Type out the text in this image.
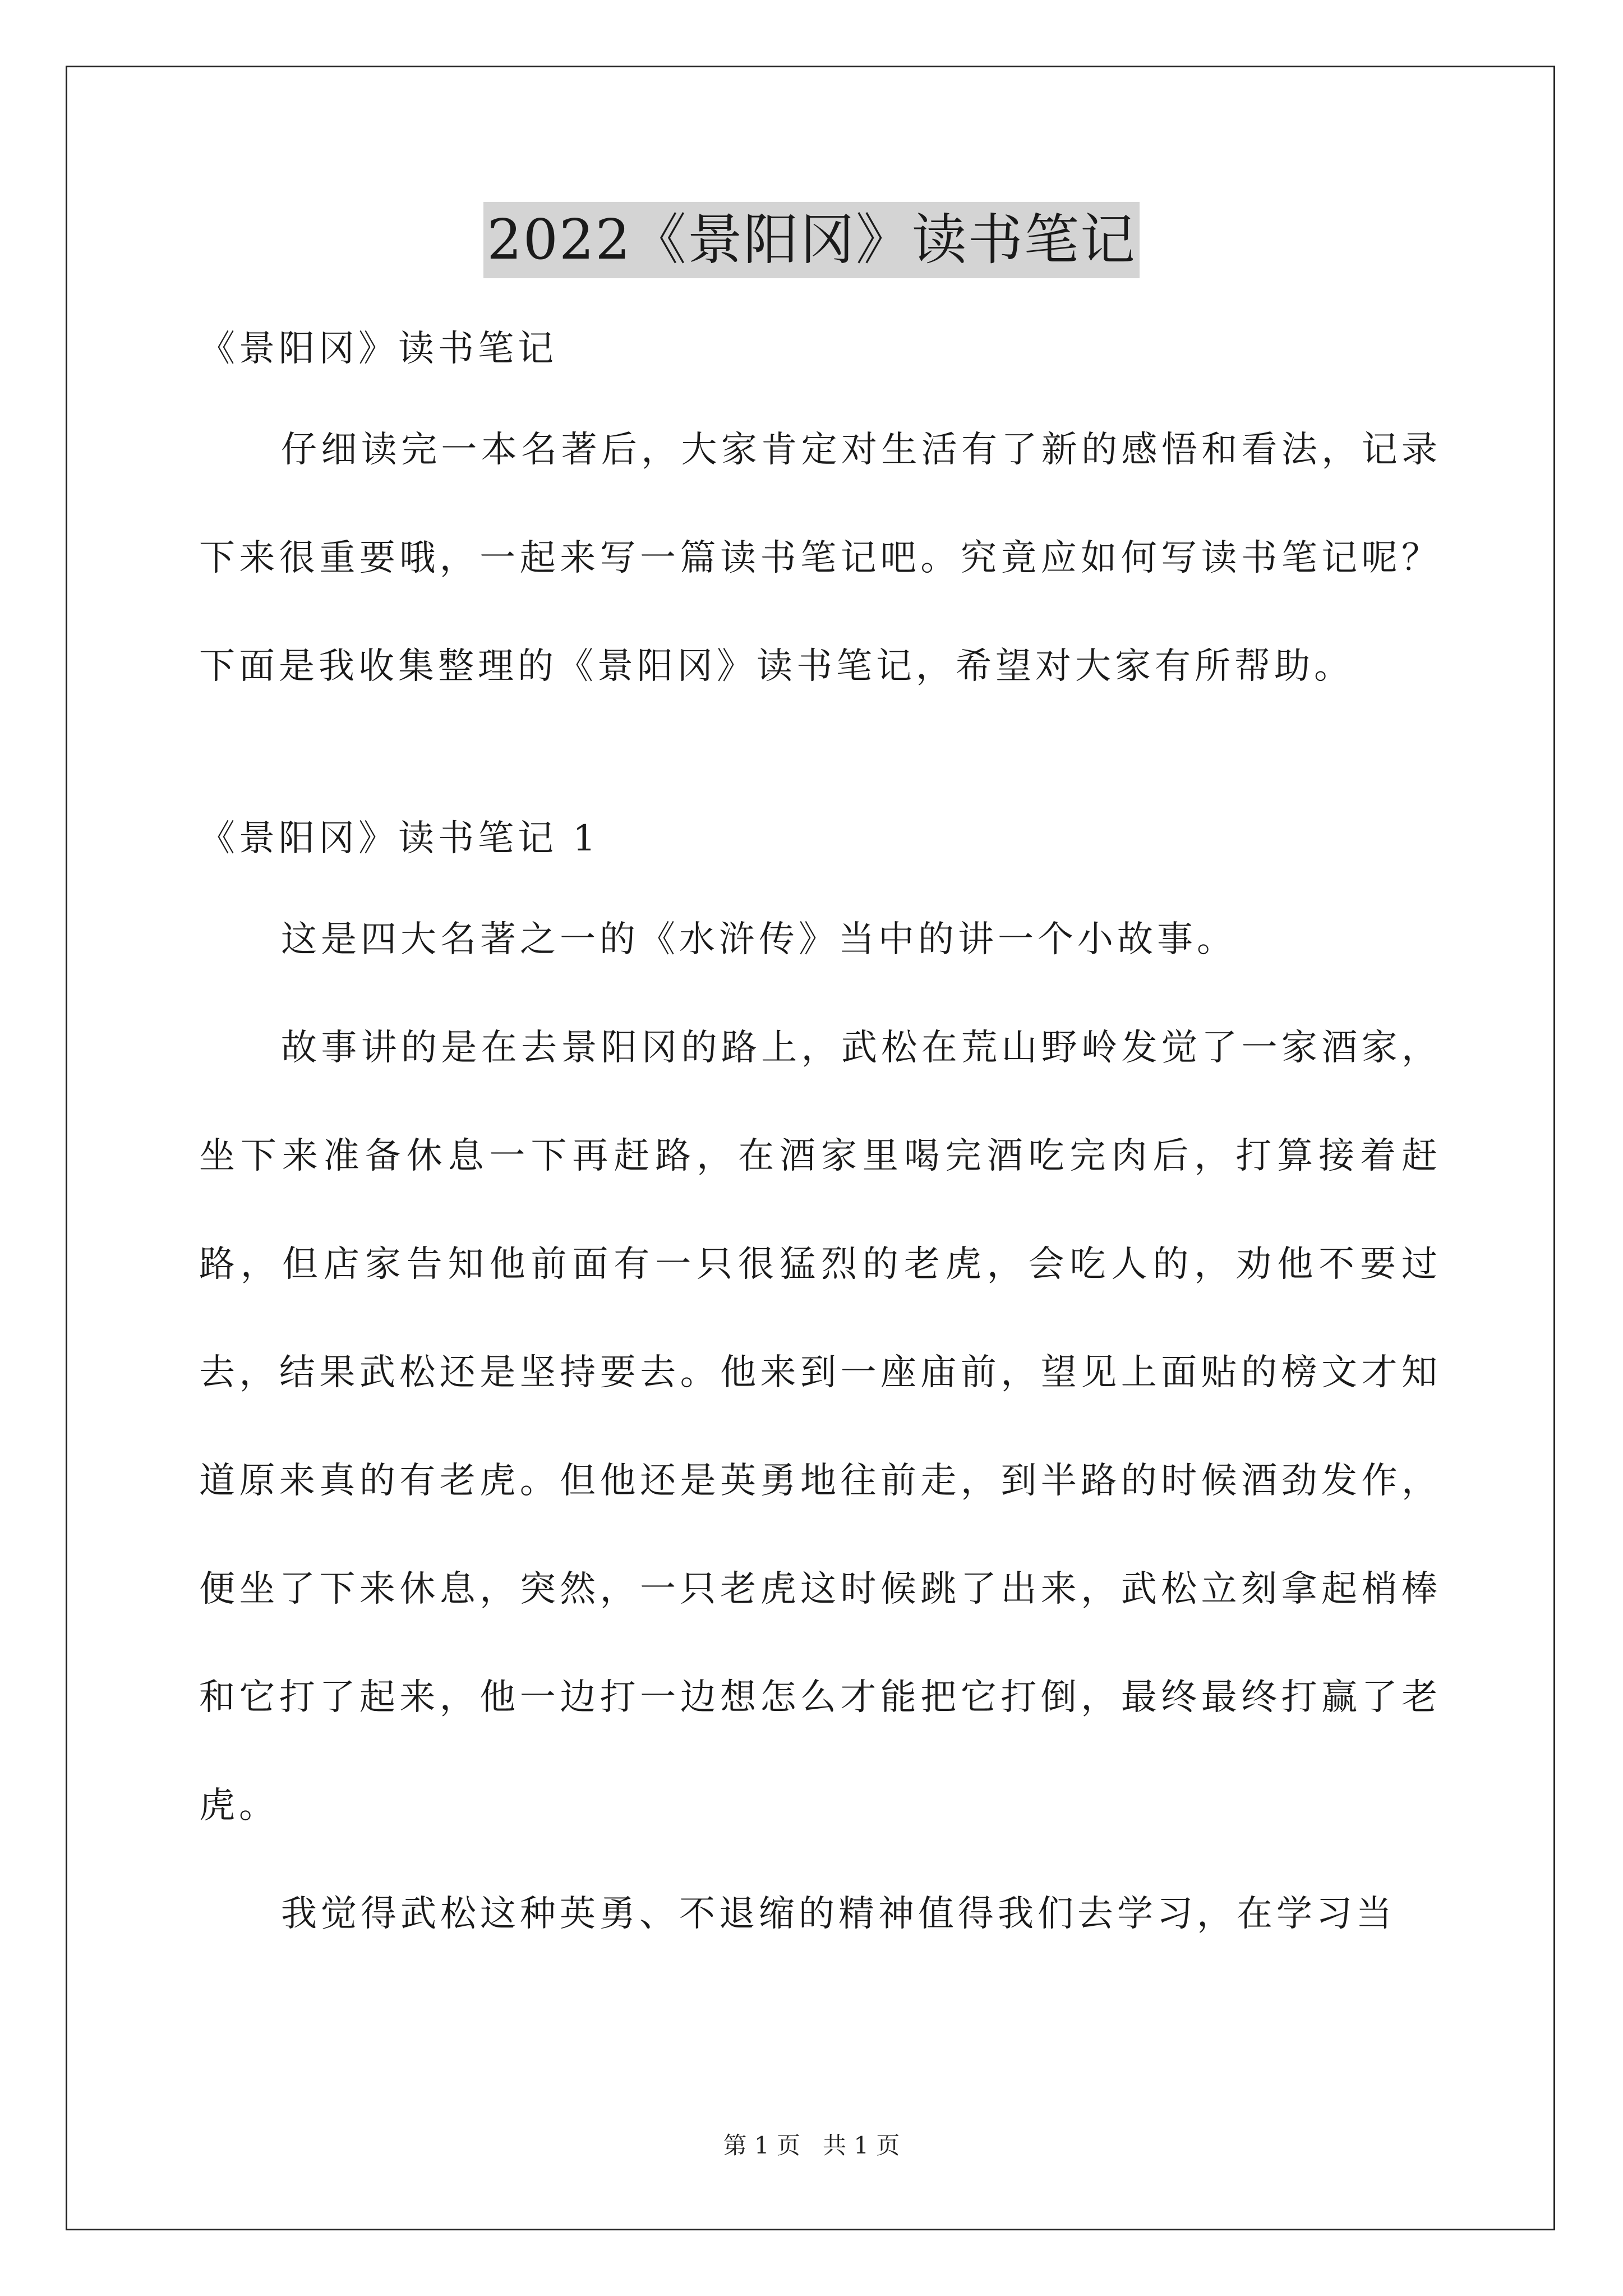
2022《景阳冈》读书笔记
《景阳冈》读书笔记
仔细读完一本名著后，大家肯定对生活有了新的感悟和看法，记录下来很重要哦，一起来写一篇读书笔记吧。究竟应如何写读书笔记呢？下面是我收集整理的《景阳冈》读书笔记，希望对大家有所帮助。
《景阳冈》读书笔记 1
这是四大名著之一的《水浒传》当中的讲一个小故事。
故事讲的是在去景阳冈的路上，武松在荒山野岭发觉了一家酒家，坐下来准备休息一下再赶路，在酒家里喝完酒吃完肉后，打算接着赶路，但店家告知他前面有一只很猛烈的老虎，会吃人的，劝他不要过去，结果武松还是坚持要去。他来到一座庙前，望见上面贴的榜文才知道原来真的有老虎。但他还是英勇地往前走，到半路的时候酒劲发作，便坐了下来休息，突然，一只老虎这时候跳了出来，武松立刻拿起梢棒和它打了起来，他一边打一边想怎么才能把它打倒，最终最终打赢了老虎。
我觉得武松这种英勇、不退缩的精神值得我们去学习，在学习当
第 1 页 共 1 页
